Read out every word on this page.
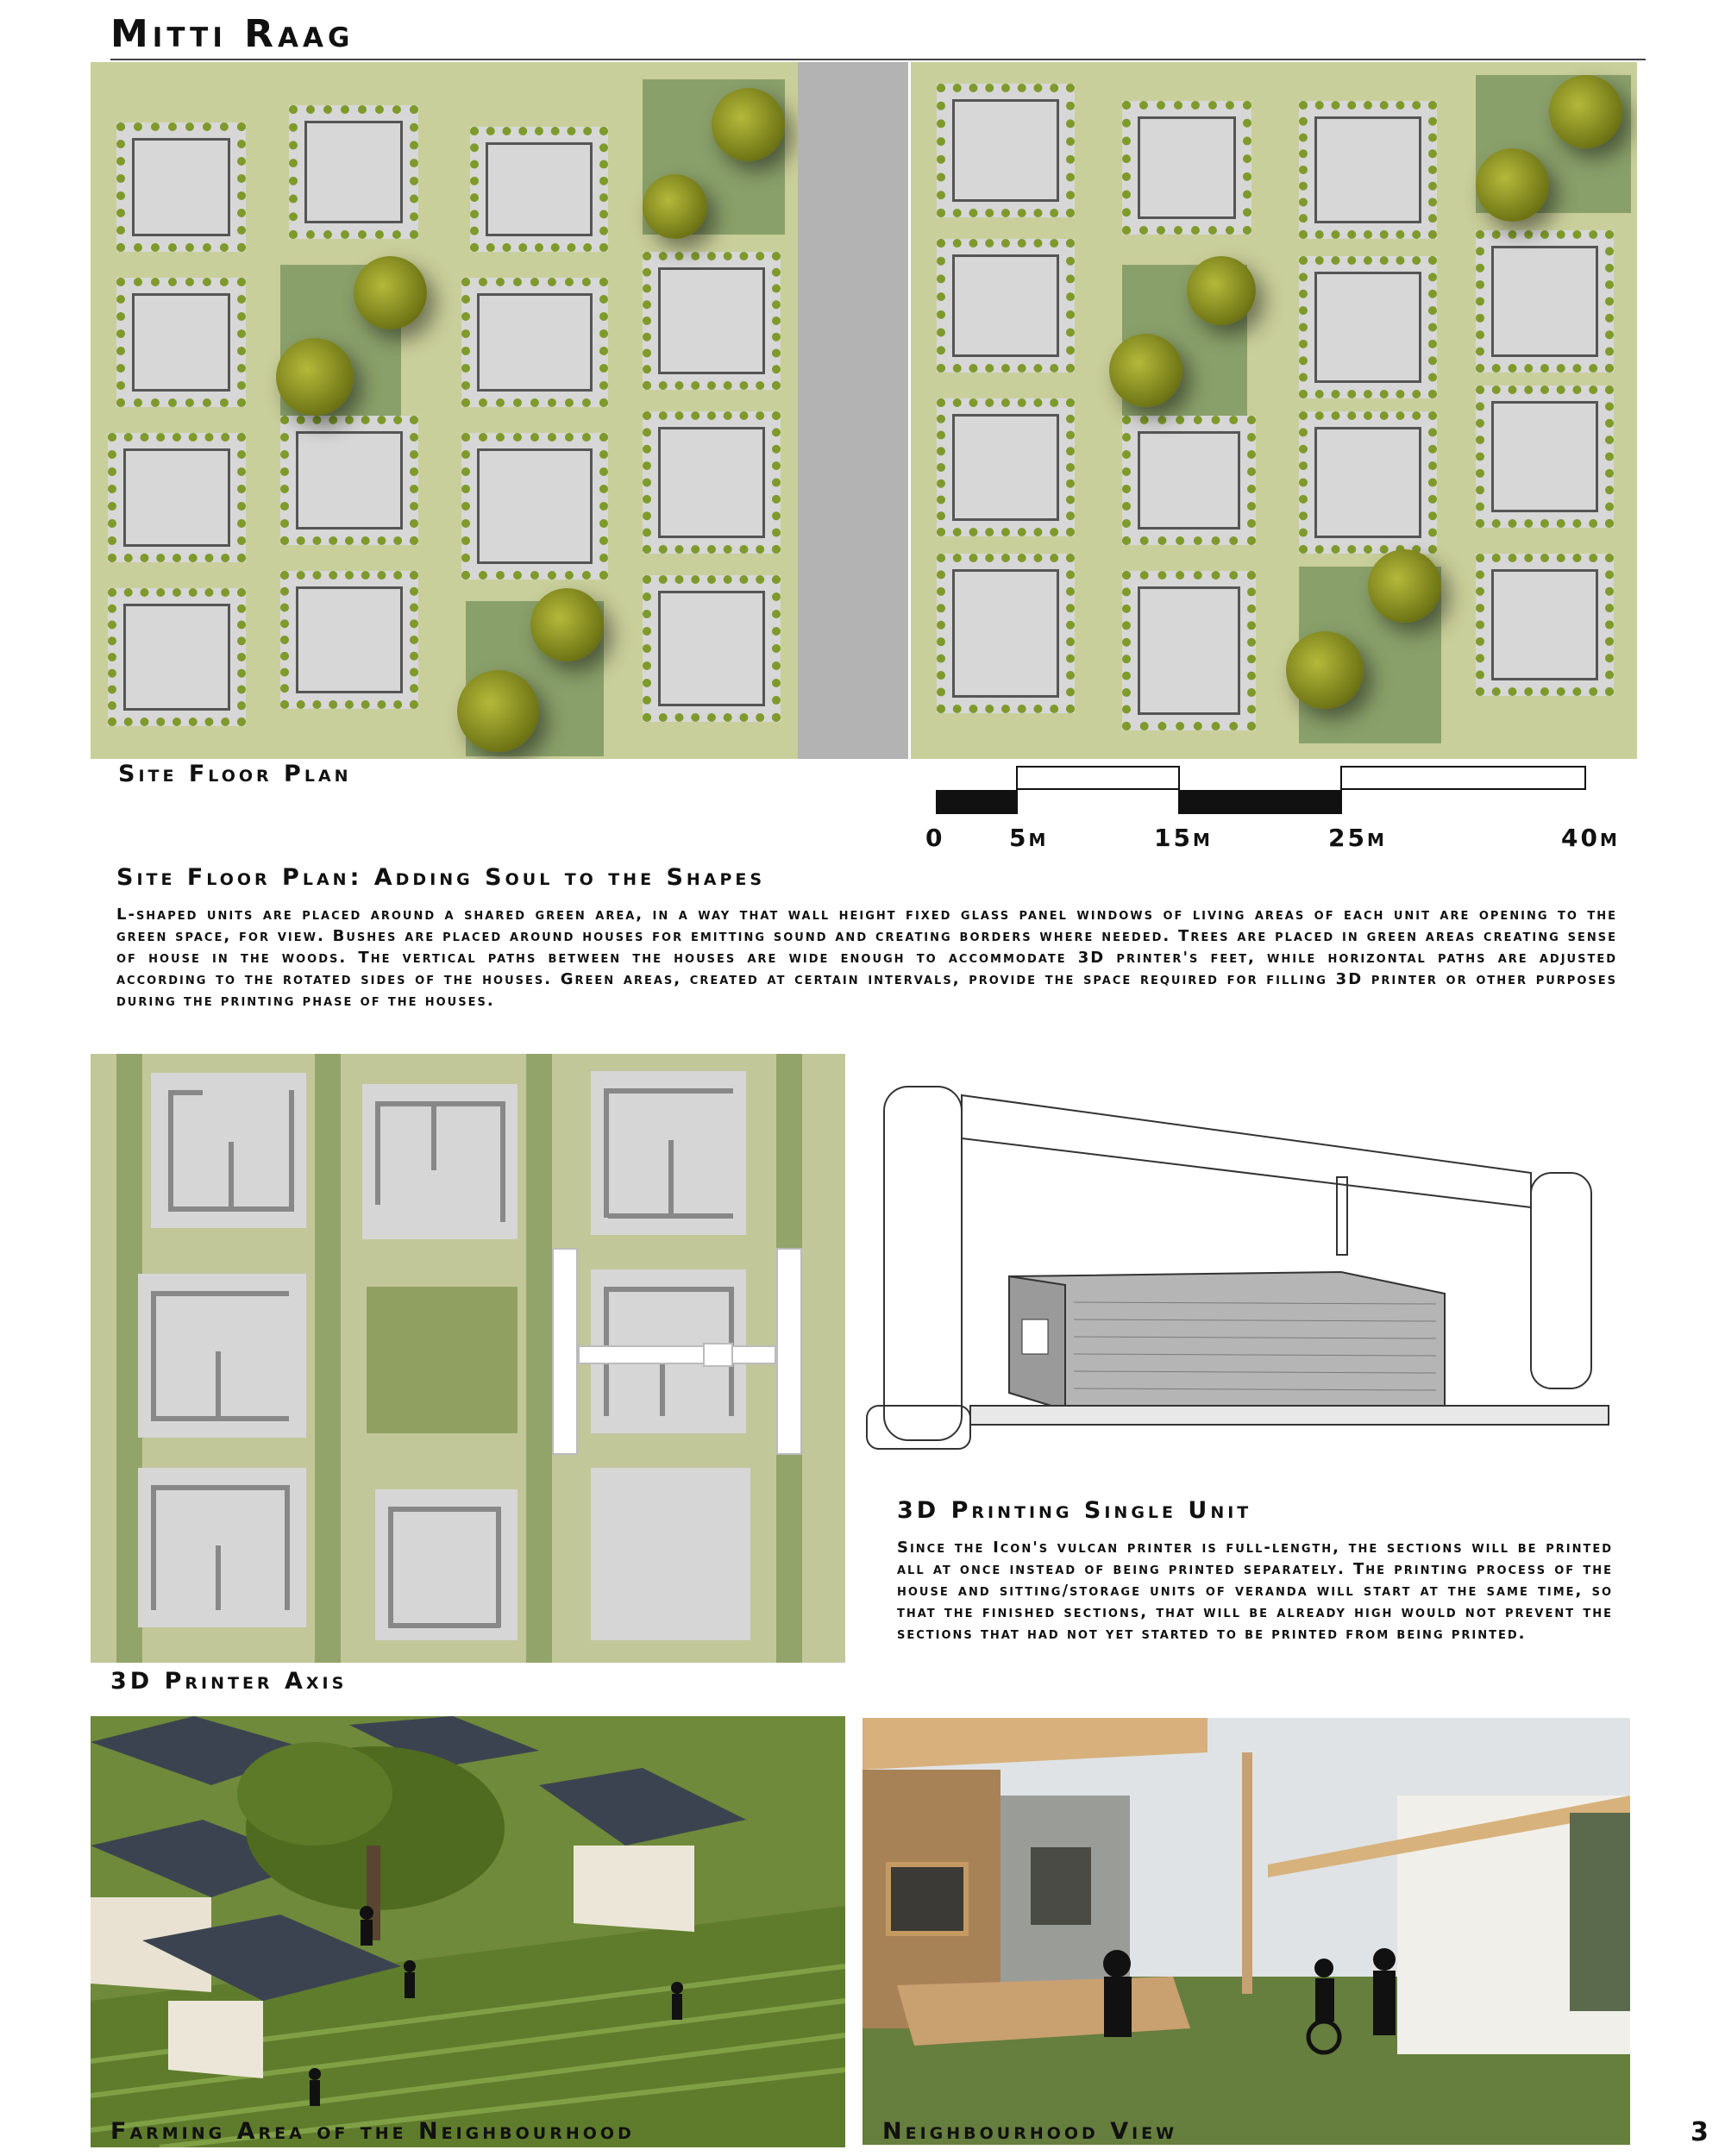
Mitti Raag
Site Floor Plan
0	5m	15m	25m	40m
Site Floor Plan: Adding Soul to the Shapes
L-shaped units are placed around a shared green area, in a way that wall height fixed glass panel windows of living areas of each unit are opening to the green space, for view. Bushes are placed around houses for emitting sound and creating borders where needed. Trees are placed in green areas creating sense of house in the woods. The vertical paths between the houses are wide enough to accommodate 3D printer's feet, while horizontal paths are adjusted according to the rotated sides of the houses. Green areas, created at certain intervals, provide the space required for filling 3D printer or other purposes during the printing phase of the houses.
3D Printer Axis
3D Printing Single Unit
Since the Icon's vulcan printer is full-length, the sections will be printed all at once instead of being printed separately. The printing process of the house and sitting/storage units of veranda will start at the same time, so that the finished sections, that will be already high would not prevent the sections that had not yet started to be printed from being printed.
Farming Area of the Neighbourhood	Neighbourhood View	3
